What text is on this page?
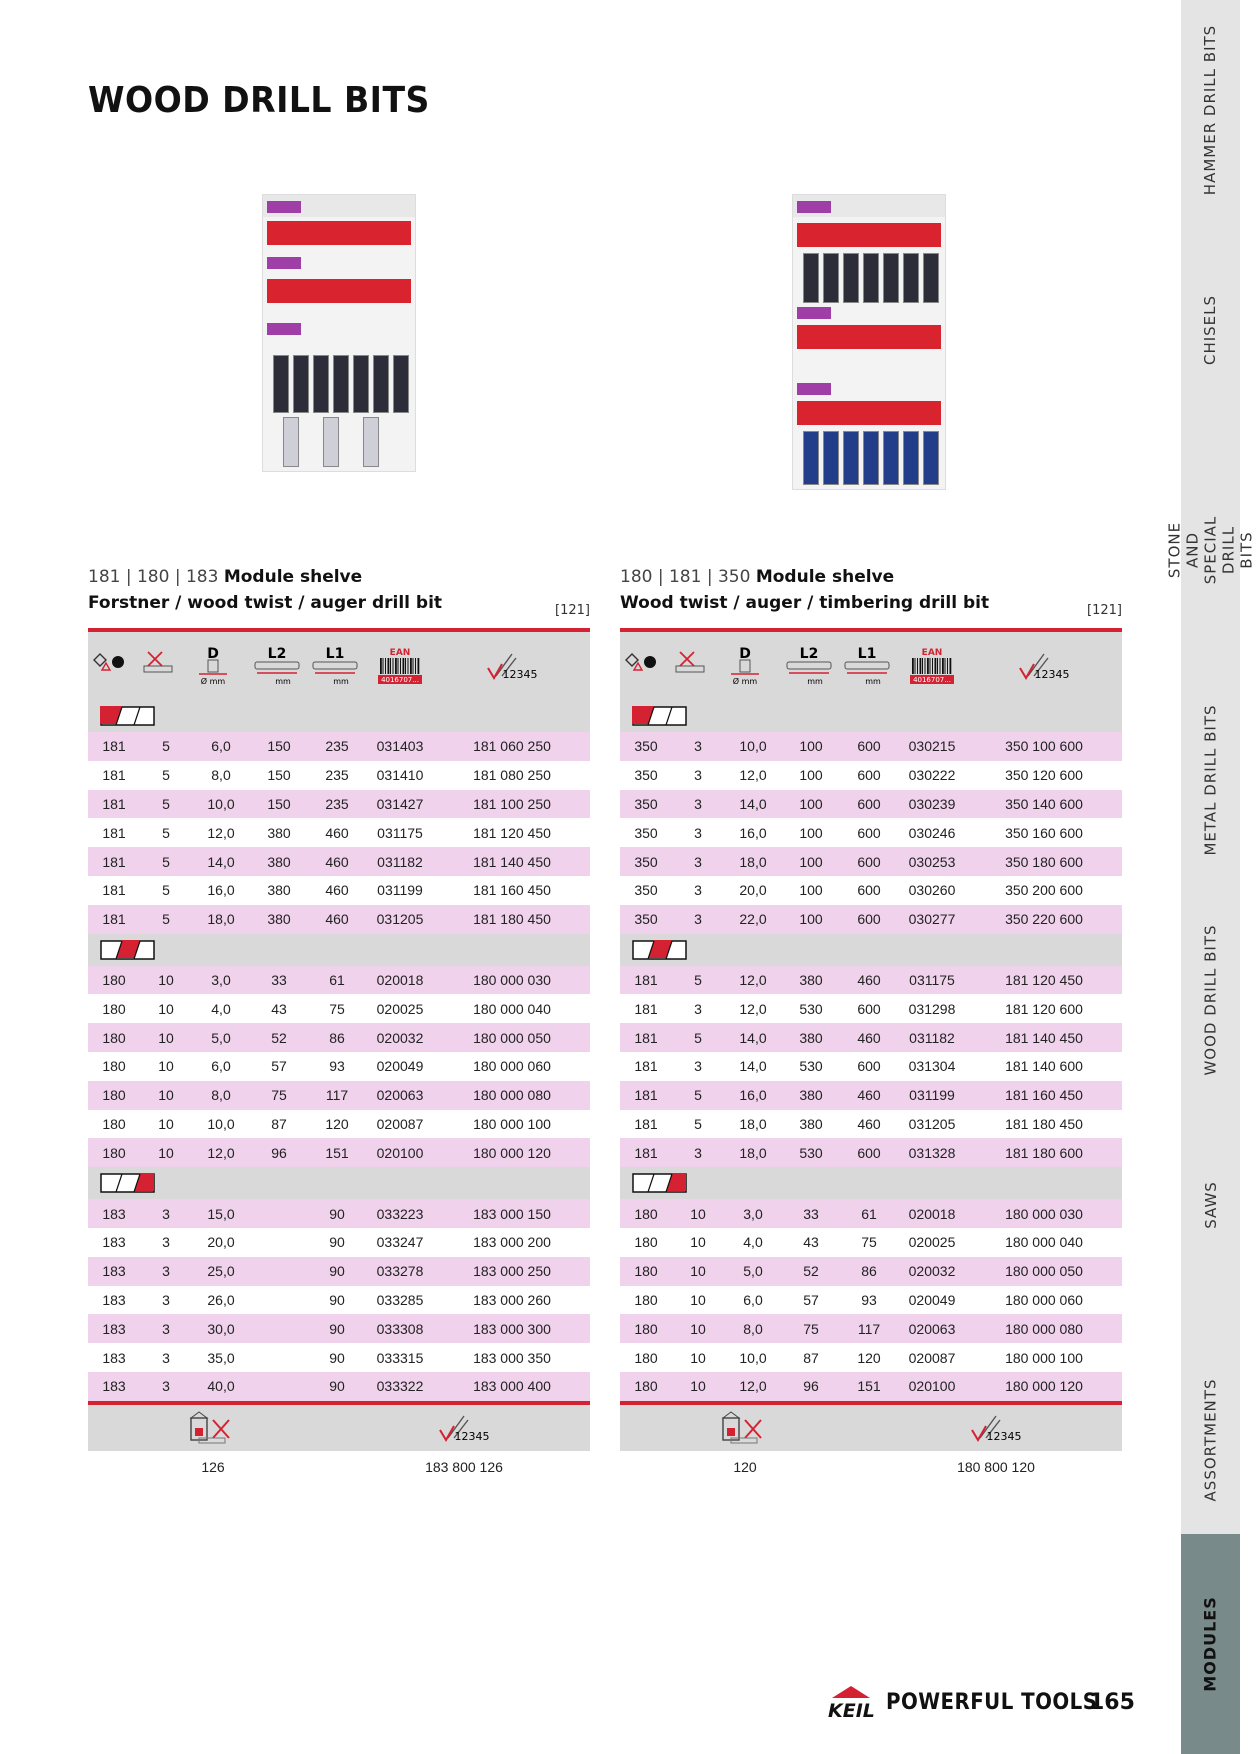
WOOD DRILL BITS
181 | 180 | 183 Module shelve
Forstner / wood twist / auger drill bit	[121]
D
Ø mm
L2
mm
L1
mm
EAN
4016707...	12345
181	5	6,0	150	235	031403	181 060 250
181	5	8,0	150	235	031410	181 080 250
181	5	10,0	150	235	031427	181 100 250
181	5	12,0	380	460	031175	181 120 450
181	5	14,0	380	460	031182	181 140 450
181	5	16,0	380	460	031199	181 160 450
181	5	18,0	380	460	031205	181 180 450
180	10	3,0	33	61	020018	180 000 030
180	10	4,0	43	75	020025	180 000 040
180	10	5,0	52	86	020032	180 000 050
180	10	6,0	57	93	020049	180 000 060
180	10	8,0	75	117	020063	180 000 080
180	10	10,0	87	120	020087	180 000 100
180	10	12,0	96	151	020100	180 000 120
183	3	15,0		90	033223	183 000 150
183	3	20,0		90	033247	183 000 200
183	3	25,0		90	033278	183 000 250
183	3	26,0		90	033285	183 000 260
183	3	30,0		90	033308	183 000 300
183	3	35,0		90	033315	183 000 350
183	3	40,0		90	033322	183 000 400
12345
126	183 800 126
180 | 181 | 350 Module shelve
Wood twist / auger / timbering drill bit	[121]
D
Ø mm
L2
mm
L1
mm
EAN
4016707...	12345
350	3	10,0	100	600	030215	350 100 600
350	3	12,0	100	600	030222	350 120 600
350	3	14,0	100	600	030239	350 140 600
350	3	16,0	100	600	030246	350 160 600
350	3	18,0	100	600	030253	350 180 600
350	3	20,0	100	600	030260	350 200 600
350	3	22,0	100	600	030277	350 220 600
181	5	12,0	380	460	031175	181 120 450
181	3	12,0	530	600	031298	181 120 600
181	5	14,0	380	460	031182	181 140 450
181	3	14,0	530	600	031304	181 140 600
181	5	16,0	380	460	031199	181 160 450
181	5	18,0	380	460	031205	181 180 450
181	3	18,0	530	600	031328	181 180 600
180	10	3,0	33	61	020018	180 000 030
180	10	4,0	43	75	020025	180 000 040
180	10	5,0	52	86	020032	180 000 050
180	10	6,0	57	93	020049	180 000 060
180	10	8,0	75	117	020063	180 000 080
180	10	10,0	87	120	020087	180 000 100
180	10	12,0	96	151	020100	180 000 120
12345
120	180 800 120
HAMMER DRILL BITS
CHISELS
STONE AND SPECIAL DRILL BITS
METAL DRILL BITS
WOOD DRILL BITS
SAWS
ASSORTMENTS
MODULES
KEIL POWERFUL TOOLS
165
